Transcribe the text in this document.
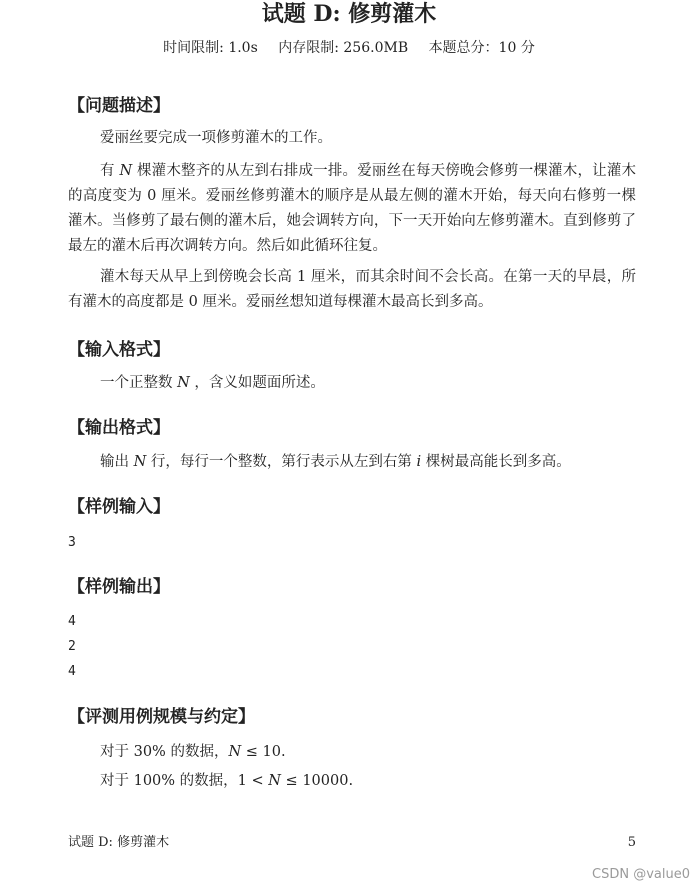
试题 D: 修剪灌木
时间限制: 1.0s 内存限制: 256.0MB 本题总分：10 分
【问题描述】
爱丽丝要完成一项修剪灌木的工作。
有 N 棵灌木整齐的从左到右排成一排。爱丽丝在每天傍晚会修剪一棵灌木，让灌木的高度变为 0 厘米。爱丽丝修剪灌木的顺序是从最左侧的灌木开始，每天向右修剪一棵灌木。当修剪了最右侧的灌木后，她会调转方向，下一天开始向左修剪灌木。直到修剪了最左的灌木后再次调转方向。然后如此循环往复。
灌木每天从早上到傍晚会长高 1 厘米，而其余时间不会长高。在第一天的早晨，所有灌木的高度都是 0 厘米。爱丽丝想知道每棵灌木最高长到多高。
【输入格式】
一个正整数 N ，含义如题面所述。
【输出格式】
输出 N 行，每行一个整数，第行表示从左到右第 i 棵树最高能长到多高。
【样例输入】
3
【样例输出】
4
2
4
【评测用例规模与约定】
对于 30% 的数据，N ≤ 10.
对于 100% 的数据，1 < N ≤ 10000.
试题 D: 修剪灌木	5
CSDN @value0
